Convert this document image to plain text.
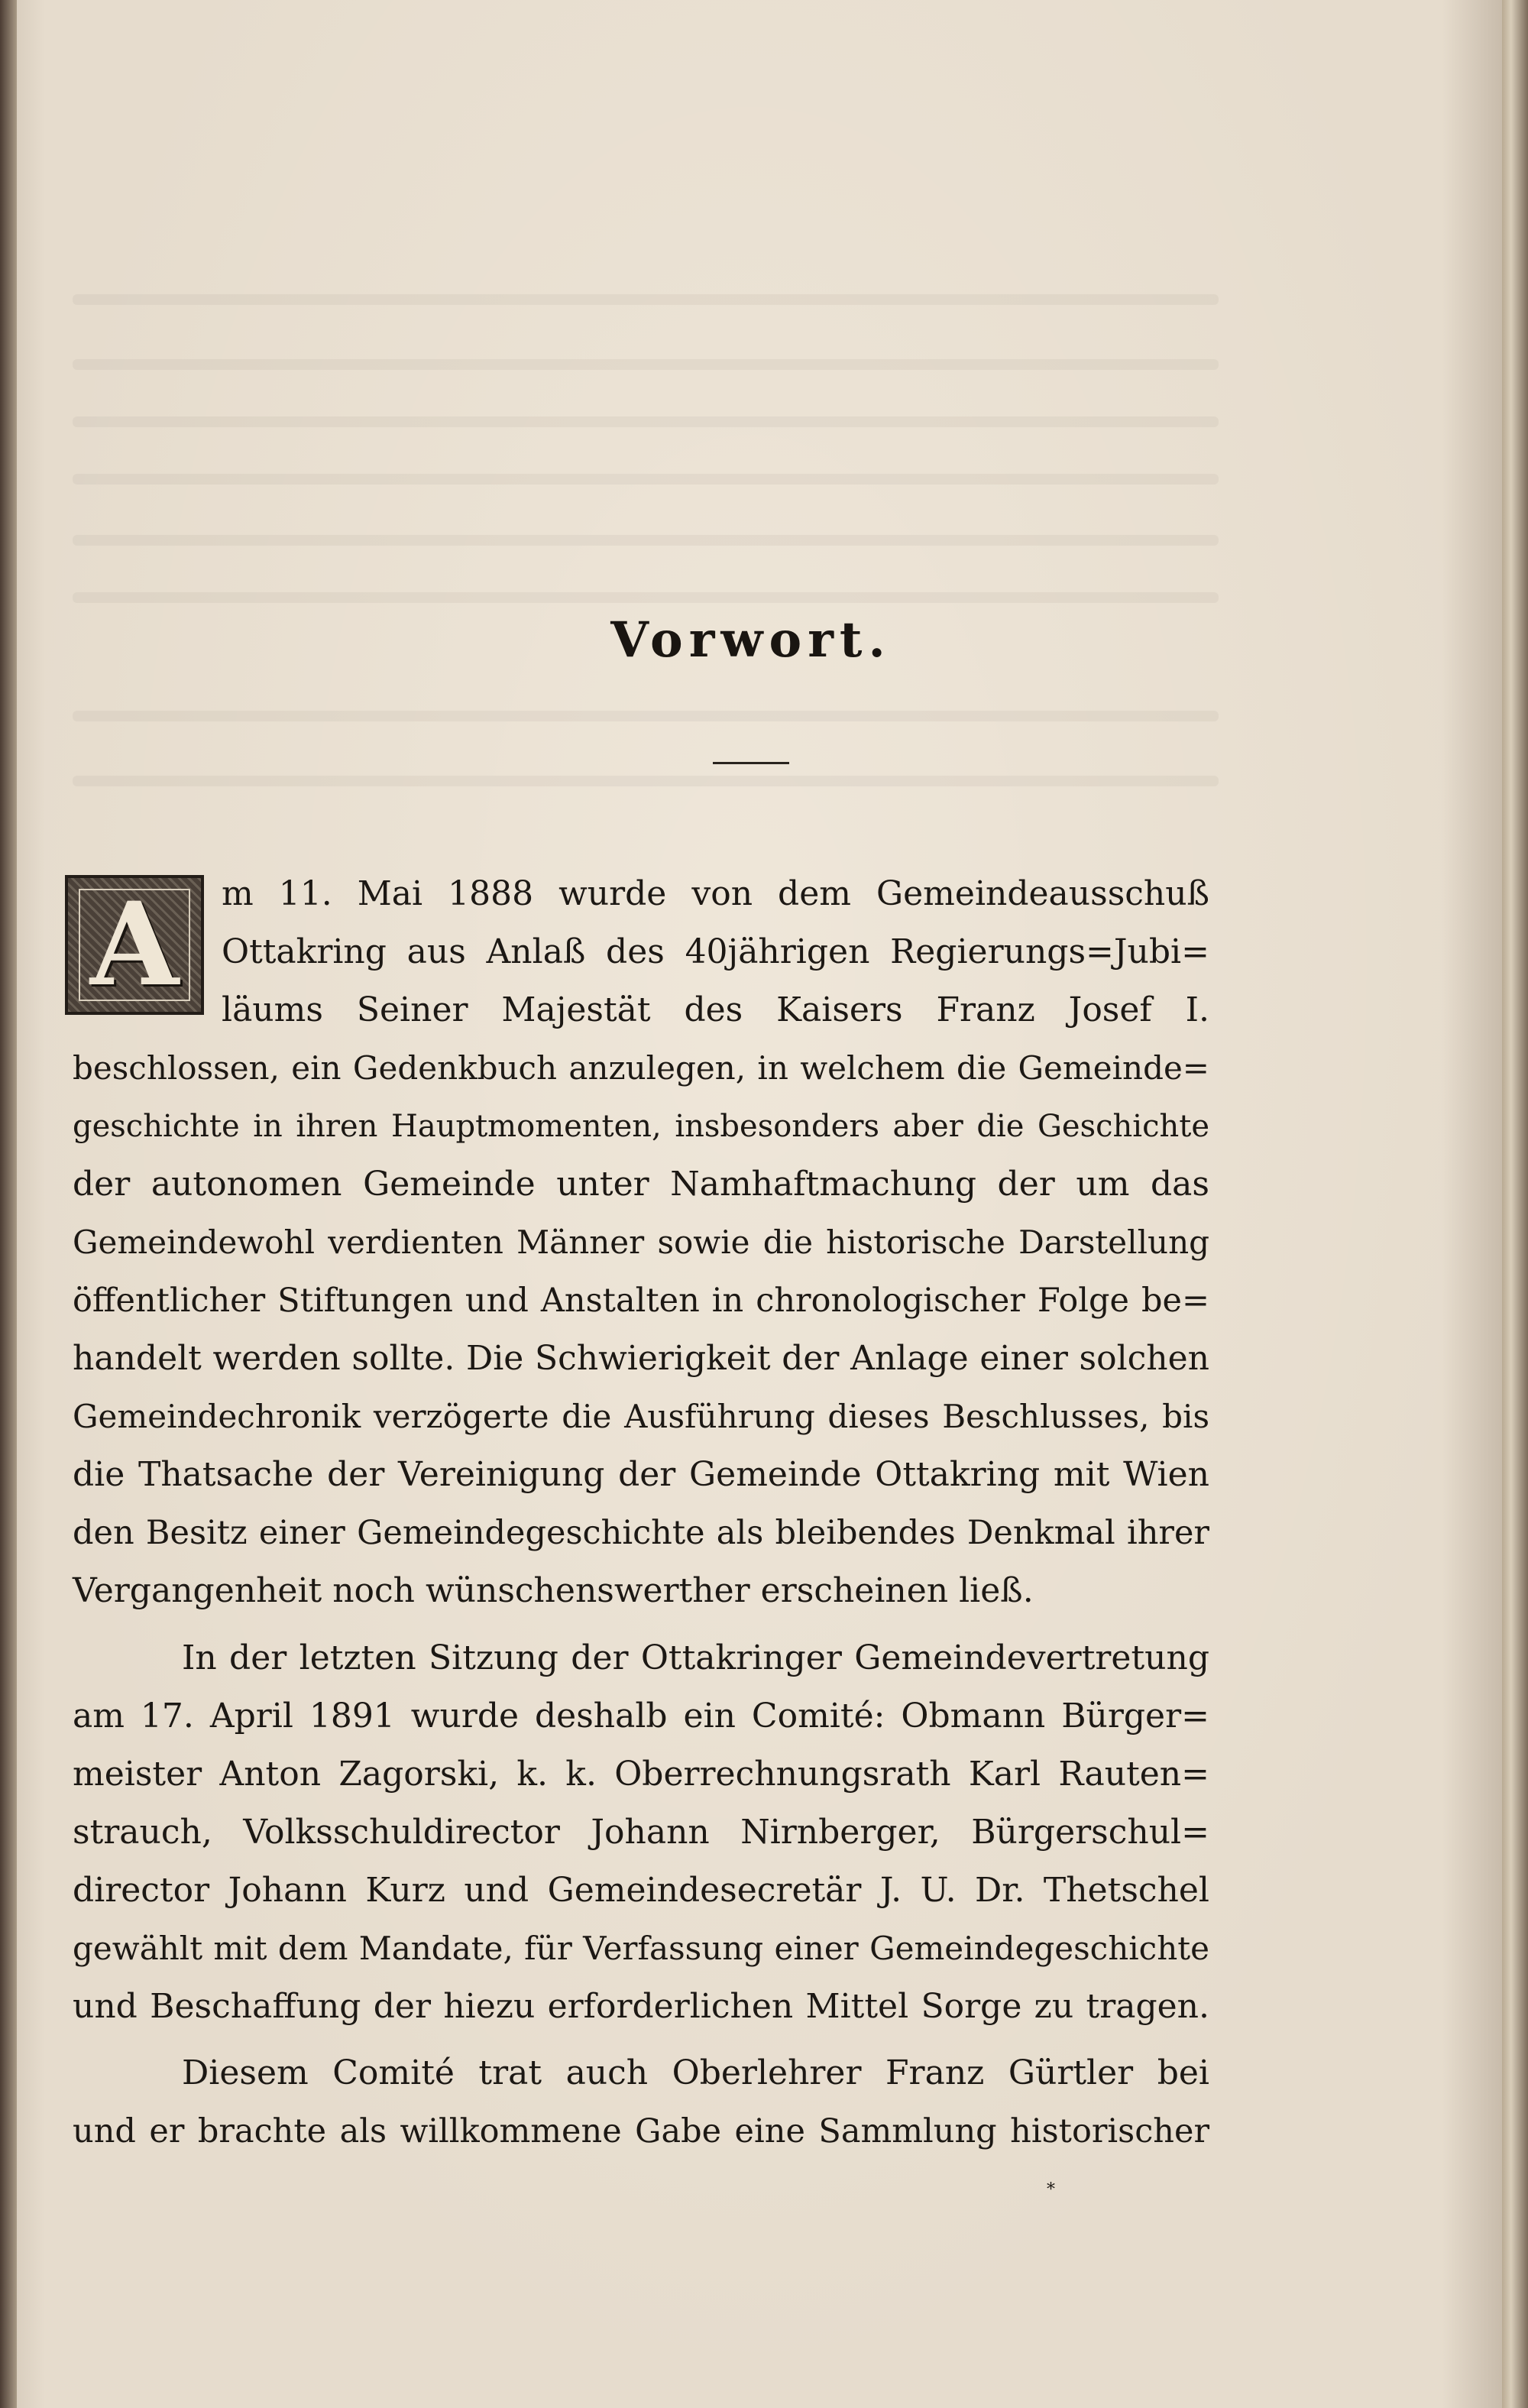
Vorwort.
A	m 11. Mai 1888 wurde von dem Gemeindeausschuß
Ottakring aus Anlaß des 40jährigen Regierungs=Jubi=
läums Seiner Majestät des Kaisers Franz Josef I.
beschlossen, ein Gedenkbuch anzulegen, in welchem die Gemeinde=
geschichte in ihren Hauptmomenten, insbesonders aber die Geschichte
der autonomen Gemeinde unter Namhaftmachung der um das
Gemeindewohl verdienten Männer sowie die historische Darstellung
öffentlicher Stiftungen und Anstalten in chronologischer Folge be=
handelt werden sollte. Die Schwierigkeit der Anlage einer solchen
Gemeindechronik verzögerte die Ausführung dieses Beschlusses, bis
die Thatsache der Vereinigung der Gemeinde Ottakring mit Wien
den Besitz einer Gemeindegeschichte als bleibendes Denkmal ihrer
Vergangenheit noch wünschenswerther erscheinen ließ.
In der letzten Sitzung der Ottakringer Gemeindevertretung
am 17. April 1891 wurde deshalb ein Comité: Obmann Bürger=
meister Anton Zagorski, k. k. Oberrechnungsrath Karl Rauten=
strauch, Volksschuldirector Johann Nirnberger, Bürgerschul=
director Johann Kurz und Gemeindesecretär J. U. Dr. Thetschel
gewählt mit dem Mandate, für Verfassung einer Gemeindegeschichte
und Beschaffung der hiezu erforderlichen Mittel Sorge zu tragen.
Diesem Comité trat auch Oberlehrer Franz Gürtler bei
und er brachte als willkommene Gabe eine Sammlung historischer
*
